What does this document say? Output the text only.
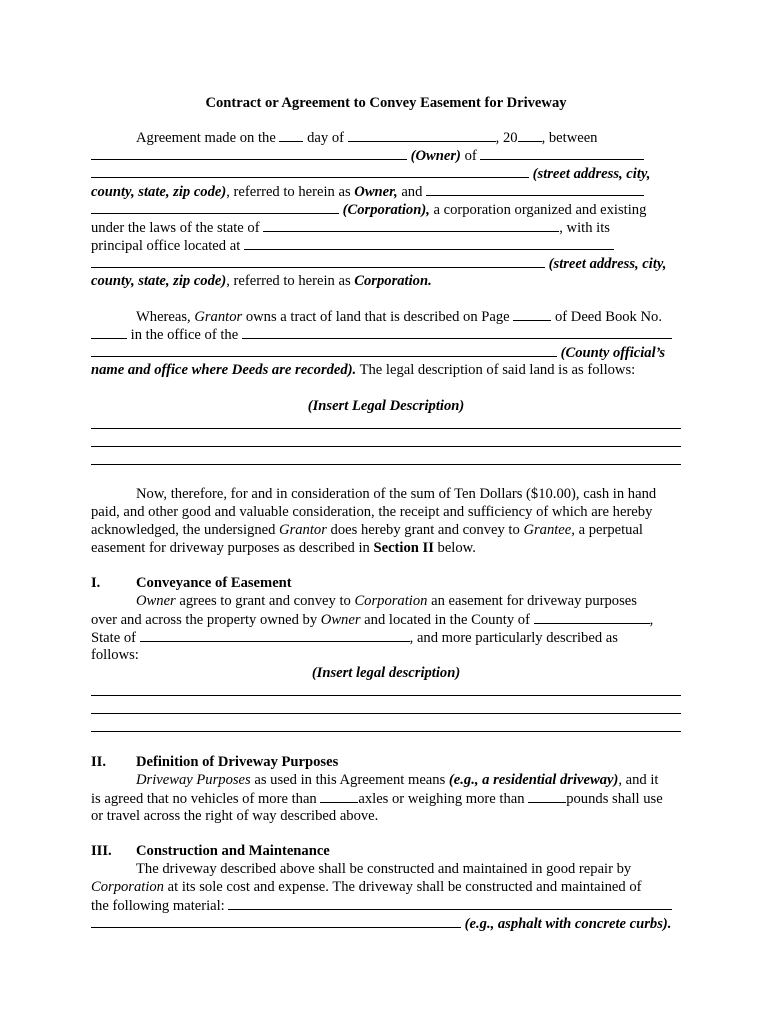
Contract or Agreement to Convey Easement for Driveway
Agreement made on the day of	, 20 , between
(Owner) of
(street address, city,
county, state, zip code), referred to herein as Owner, and
(Corporation), a corporation organized and existing
under the laws of the state of	, with its
principal office located at
(street address, city,
county, state, zip code), referred to herein as Corporation.
Whereas, Grantor owns a tract of land that is described on Page	of Deed Book No.
in the office of the
(County official’s
name and office where Deeds are recorded). The legal description of said land is as follows:
(Insert Legal Description)
Now, therefore, for and in consideration of the sum of Ten Dollars ($10.00), cash in hand
paid, and other good and valuable consideration, the receipt and sufficiency of which are hereby
acknowledged, the undersigned Grantor does hereby grant and convey to Grantee, a perpetual
easement for driveway purposes as described in Section II below.
I. Conveyance of Easement
Owner agrees to grant and convey to Corporation an easement for driveway purposes
over and across the property owned by Owner and located in the County of	,
State of	, and more particularly described as
follows:
(Insert legal description)
II. Definition of Driveway Purposes
Driveway Purposes as used in this Agreement means (e.g., a residential driveway), and it
is agreed that no vehicles of more than	axles or weighing more than	pounds shall use
or travel across the right of way described above.
III. Construction and Maintenance
The driveway described above shall be constructed and maintained in good repair by
Corporation at its sole cost and expense. The driveway shall be constructed and maintained of
the following material:
(e.g., asphalt with concrete curbs).
